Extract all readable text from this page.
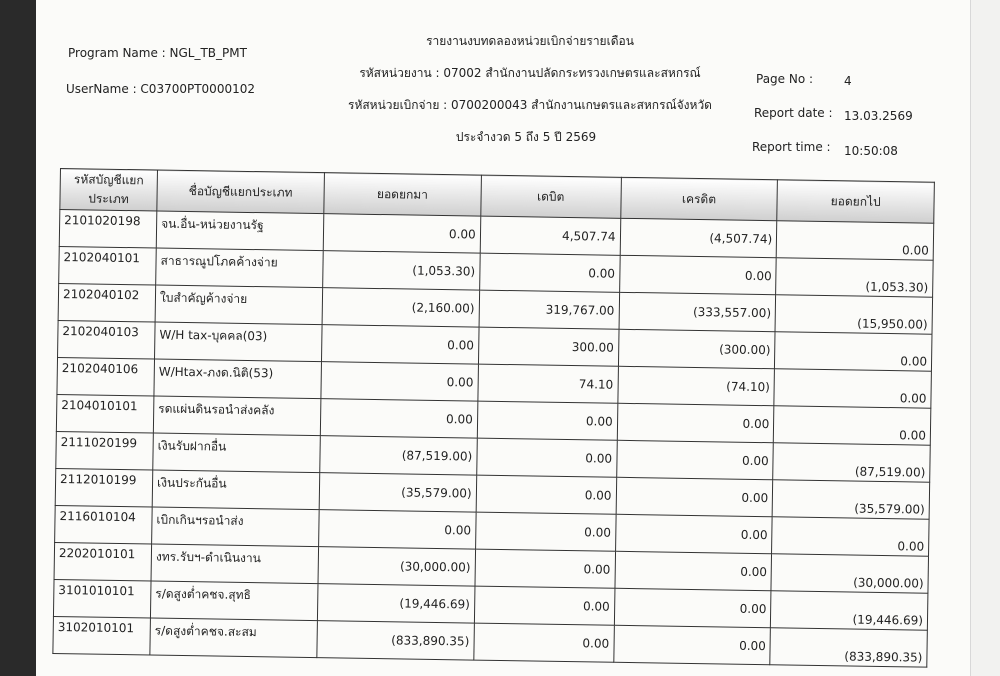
Program Name : NGL_TB_PMT
UserName : C03700PT0000102
รายงานงบทดลองหน่วยเบิกจ่ายรายเดือน
รหัสหน่วยงาน : 07002 สำนักงานปลัดกระทรวงเกษตรและสหกรณ์
รหัสหน่วยเบิกจ่าย : 0700200043 สำนักงานเกษตรและสหกรณ์จังหวัด
ประจำงวด 5 ถึง 5 ปี 2569
Page No :	4
Report date : 13.03.2569
Report time : 10:50:08
รหัสบัญชีแยกประเภท	ชื่อบัญชีแยกประเภท	ยอดยกมา	เดบิต	เครดิต	ยอดยกไป
2101020198	จน.อื่น-หน่วยงานรัฐ	0.00	4,507.74	(4,507.74)	0.00
2102040101	สาธารณูปโภคค้างจ่าย	(1,053.30)	0.00	0.00	(1,053.30)
2102040102	ใบสำคัญค้างจ่าย	(2,160.00)	319,767.00	(333,557.00)	(15,950.00)
2102040103	W/H tax-บุคคล(03)	0.00	300.00	(300.00)	0.00
2102040106	W/Htax-ภงด.นิติ(53)	0.00	74.10	(74.10)	0.00
2104010101	รดแผ่นดินรอนำส่งคลัง	0.00	0.00	0.00	0.00
2111020199	เงินรับฝากอื่น	(87,519.00)	0.00	0.00	(87,519.00)
2112010199	เงินประกันอื่น	(35,579.00)	0.00	0.00	(35,579.00)
2116010104	เบิกเกินฯรอนำส่ง	0.00	0.00	0.00	0.00
2202010101	งทร.รับฯ-ดำเนินงาน	(30,000.00)	0.00	0.00	(30,000.00)
3101010101	ร/ดสูงต่ำคชจ.สุทธิ	(19,446.69)	0.00	0.00	(19,446.69)
3102010101	ร/ดสูงต่ำคชจ.สะสม	(833,890.35)	0.00	0.00	(833,890.35)
